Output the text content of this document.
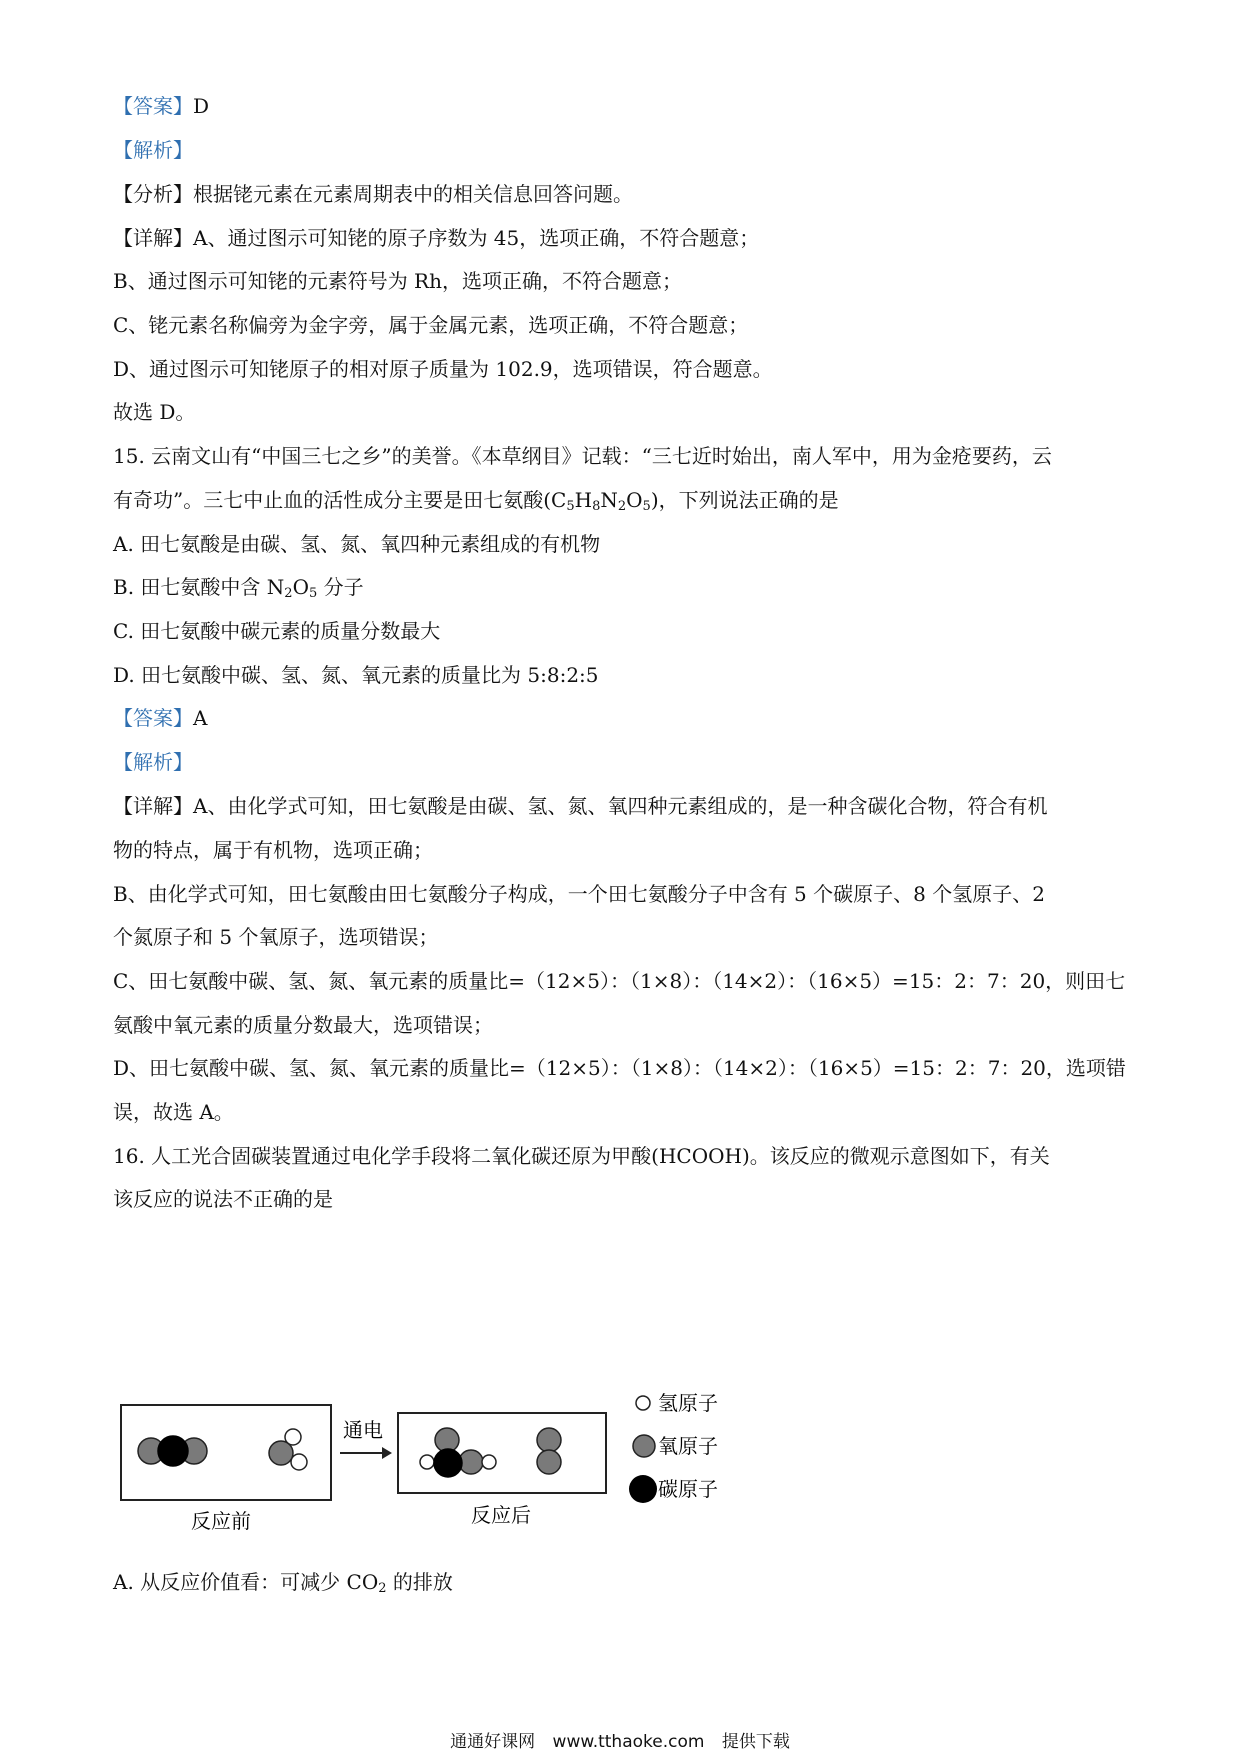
【答案】D
【解析】
【分析】根据铑元素在元素周期表中的相关信息回答问题。
【详解】A、通过图示可知铑的原子序数为 45，选项正确，不符合题意；
B、通过图示可知铑的元素符号为 Rh，选项正确，不符合题意；
C、铑元素名称偏旁为金字旁，属于金属元素，选项正确，不符合题意；
D、通过图示可知铑原子的相对原子质量为 102.9，选项错误，符合题意。
故选 D。
15. 云南文山有“中国三七之乡”的美誉。《本草纲目》记载：“三七近时始出，南人军中，用为金疮要药，云
有奇功”。三七中止血的活性成分主要是田七氨酸$(C_5H_8N_2O_5)$，下列说法正确的是
A. 田七氨酸是由碳、氢、氮、氧四种元素组成的有机物
B. 田七氨酸中含 $N_2O_5$ 分子
C. 田七氨酸中碳元素的质量分数最大
D. 田七氨酸中碳、氢、氮、氧元素的质量比为 5:8:2:5
【答案】A
【解析】
【详解】A、由化学式可知，田七氨酸是由碳、氢、氮、氧四种元素组成的，是一种含碳化合物，符合有机
物的特点，属于有机物，选项正确；
B、由化学式可知，田七氨酸由田七氨酸分子构成，一个田七氨酸分子中含有 5 个碳原子、8 个氢原子、2
个氮原子和 5 个氧原子，选项错误；
C、田七氨酸中碳、氢、氮、氧元素的质量比=（12×5）：（1×8）：（14×2）：（16×5）=15：2：7：20，则田七
氨酸中氧元素的质量分数最大，选项错误；
D、田七氨酸中碳、氢、氮、氧元素的质量比=（12×5）：（1×8）：（14×2）：（16×5）=15：2：7：20，选项错
误，故选 A。
16. 人工光合固碳装置通过电化学手段将二氧化碳还原为甲酸(HCOOH)。该反应的微观示意图如下，有关
该反应的说法不正确的是
反应前
通电
反应后
氢原子
氧原子
碳原子
A. 从反应价值看：可减少 $CO_2$ 的排放
通通好课网 www.tthaoke.com 提供下载
